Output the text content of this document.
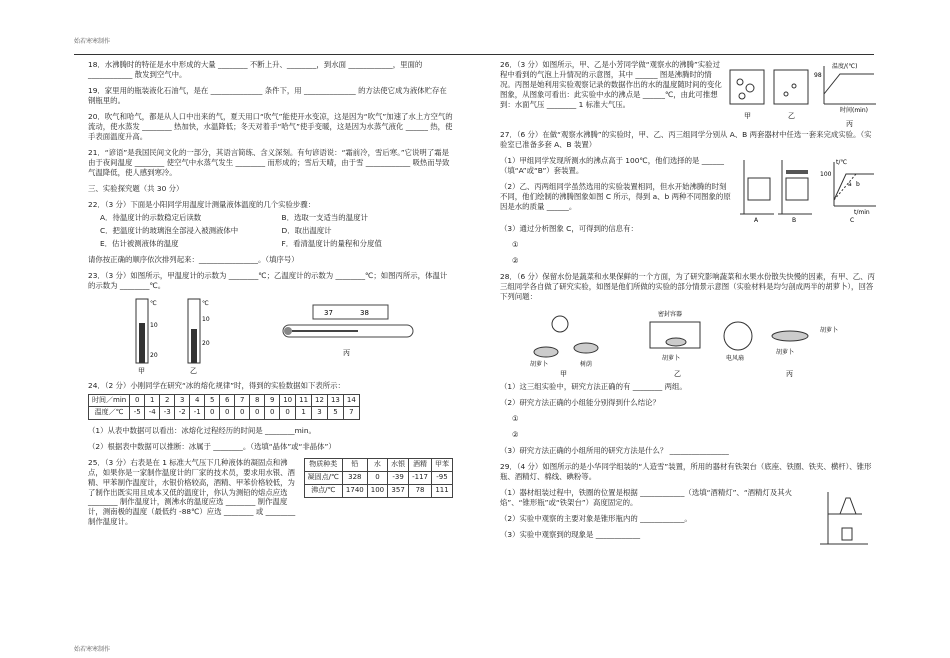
始若寒寒制作

18．水沸腾时的特征是水中形成的大量 ________ 不断上升、________，到水面 ____________，里面的 ____________ 散发到空气中。

19．家里用的瓶装液化石油气，是在 ______________ 条件下，用 ______________ 的方法使它成为液体贮存在钢瓶里的。

20．吹气和哈气，都是从人口中出来的气，夏天用口“吹气”能使开水变凉，这是因为“吹气”加速了水上方空气的流动，使水蒸发 ________ 热加快，水温降低；冬天对着手“哈气”使手变暖，这是因为水蒸气液化 ______ 热，使手表面温度升高。

21．“谚语”是我国民间文化的一部分，其语言简练、含义深刻。有句谚语说：“霜前冷，雪后寒。”它说明了霜是由于夜间温度 ________ 使空气中水蒸气发生 ________ 而形成的；雪后天晴，由于雪 ____________ 吸热而导致气温降低，使人感到寒冷。

三、实验探究题（共 30 分）

22．（3 分）下面是小阳同学用温度计测量液体温度的几个实验步骤：

A．待温度计的示数稳定后读数	B．选取一支适当的温度计
C．把温度计的玻璃泡全部浸入被测液体中	D．取出温度计
E．估计被测液体的温度	F．看清温度计的量程和分度值

请你按正确的顺序依次排列起来：________________。（填序号）

23．（3 分）如图所示，甲温度计的示数为 ________℃；乙温度计的示数为 ________℃；如图丙所示，体温计的示数为 ________℃。

℃
10
20
甲
℃
10
20
乙
37	38
丙

24．（2 分）小刚同学在研究“冰的熔化规律”时，得到的实验数据如下表所示：

时间／min	0	1	2	3	4	5	6	7	8	9	10	11	12	13	14
温度／℃	-5	-4	-3	-2	-1	0	0	0	0	0	0	1	3	5	7

（1）从表中数据可以看出：冰熔化过程经历的时间是 ________min。

（2）根据表中数据可以推断：冰属于 ________。（选填“晶体”或“非晶体”）

25．（3 分）右表是在 1 标准大气压下几种液体的凝固点和沸点，如果你是一家制作温度计的厂家的技术员，要求用水银、酒精、甲苯制作温度计，水银价格较高，酒精、甲苯价格较低，为了制作出既实用且成本又低的温度计，你认为测铅的熔点应选 ________ 制作温度计，测沸水的温度应选 ________ 制作温度计，测南极的温度（最低约 -88℃）应选 ________ 或 ________ 制作温度计。

物质种类	铅	水	水银	酒精	甲苯
凝固点/℃	328	0	-39	-117	-95
沸点/℃	1740	100	357	78	111

26．（3 分）如图所示，甲、乙是小芳同学做“观察水的沸腾”实验过程中看到的气泡上升情况的示意图，其中 ______ 图是沸腾时的情况。丙图是她利用实验观察记录的数据作出的水的温度随时间的变化图象，从图象可看出：此实验中水的沸点是 ______℃，由此可推想到：水面气压 ________ 1 标准大气压。

温度/(℃)
98
时间(min)
甲	乙
丙

27．（6 分）在做“观察水沸腾”的实验时，甲、乙、丙三组同学分别从 A、B 两套器材中任选一套来完成实验。（实验室已准备多套 A、B 装置）

（1）甲组同学发现所测水的沸点高于 100℃，他们选择的是 ______（填“A”或“B”）套装置。

（2）乙、丙两组同学虽然选用的实验装置相同，但水开始沸腾的时刻不同，他们绘制的沸腾图象如图 C 所示，得到 a、b 两种不同图象的原因是水的质量 ______。

A	B	C
t/℃
100
a b
t/min

（3）通过分析图象 C，可得到的信息有：

①

②

28．（6 分）保留水份是蔬菜和水果保鲜的一个方面，为了研究影响蔬菜和水果水份散失快慢的因素，有甲、乙、丙三组同学各自做了研究实验，如图是他们所做的实验的部分情景示意图（实验材料是均匀剖成两半的胡萝卜），回答下列问题：

胡萝卜	树荫
密封容器
胡萝卜	电风扇
胡萝卜
胡萝卜
甲	乙	丙

（1）这三组实验中，研究方法正确的有 ________ 两组。

（2）研究方法正确的小组能分别得到什么结论？

①

②

（3）研究方法正确的小组所用的研究方法是什么？ ________________

29．（4 分）如图所示的是小华同学组装的“人造雪”装置，所用的器材有铁架台（底座、铁圈、铁夹、横杆）、锥形瓶、酒精灯、棉线、碘粉等。

（1）器材组装过程中，铁圈的位置是根据 ____________（选填“酒精灯”、“酒精灯及其火焰”、“锥形瓶”或“铁架台”）高度固定的。

（2）实验中观察的主要对象是锥形瓶内的 ____________。

（3）实验中观察到的现象是 ____________

始若寒寒制作
